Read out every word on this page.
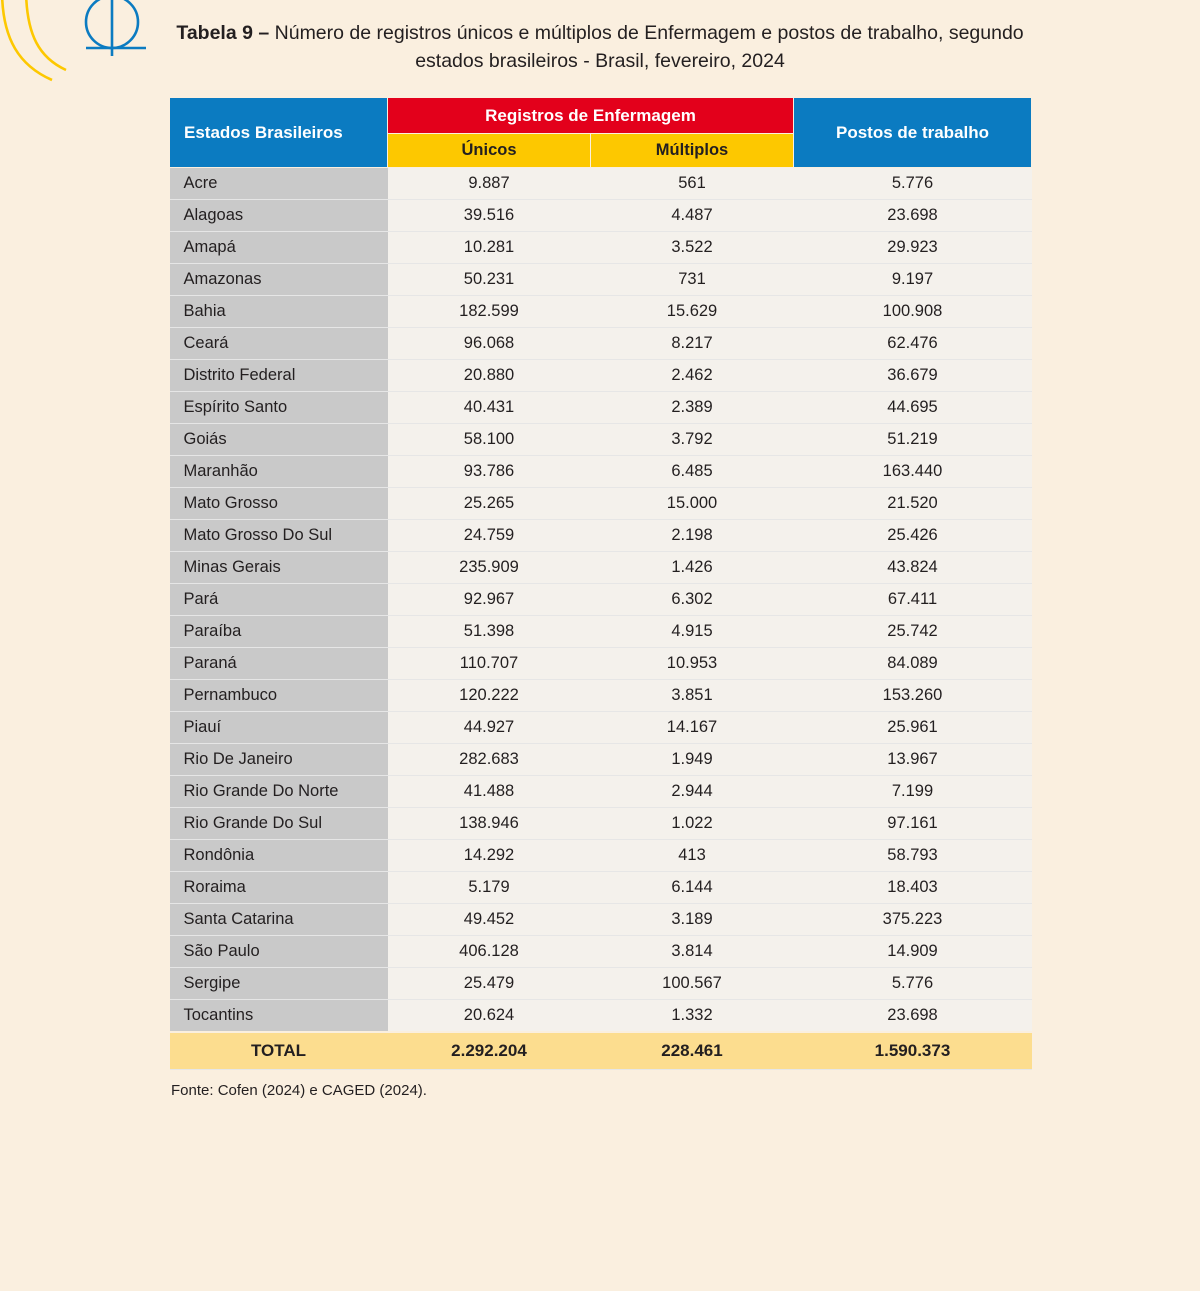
Tabela 9 – Número de registros únicos e múltiplos de Enfermagem e postos de trabalho, segundo estados brasileiros - Brasil, fevereiro, 2024
Estados Brasileiros	Registros de Enfermagem		Postos de trabalho
	Únicos	Múltiplos	
Acre	9.887	561	5.776
Alagoas	39.516	4.487	23.698
Amapá	10.281	3.522	29.923
Amazonas	50.231	731	9.197
Bahia	182.599	15.629	100.908
Ceará	96.068	8.217	62.476
Distrito Federal	20.880	2.462	36.679
Espírito Santo	40.431	2.389	44.695
Goiás	58.100	3.792	51.219
Maranhão	93.786	6.485	163.440
Mato Grosso	25.265	15.000	21.520
Mato Grosso Do Sul	24.759	2.198	25.426
Minas Gerais	235.909	1.426	43.824
Pará	92.967	6.302	67.411
Paraíba	51.398	4.915	25.742
Paraná	110.707	10.953	84.089
Pernambuco	120.222	3.851	153.260
Piauí	44.927	14.167	25.961
Rio De Janeiro	282.683	1.949	13.967
Rio Grande Do Norte	41.488	2.944	7.199
Rio Grande Do Sul	138.946	1.022	97.161
Rondônia	14.292	413	58.793
Roraima	5.179	6.144	18.403
Santa Catarina	49.452	3.189	375.223
São Paulo	406.128	3.814	14.909
Sergipe	25.479	100.567	5.776
Tocantins	20.624	1.332	23.698
TOTAL	2.292.204	228.461	1.590.373
Fonte: Cofen (2024) e CAGED (2024).
